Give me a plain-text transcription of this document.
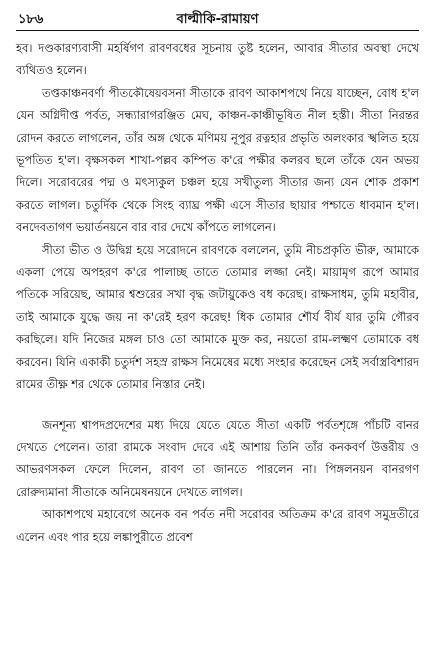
১৮৬	বাল্মীকি-রামায়ণ

হব। দণ্ডকারণ্যবাসী মহর্ষি‌গণ রাবণবধের সূচনায় তুষ্ট হলেন, আবার সীতার অবস্থা দেখে ব্যথিতও হলেন।

তপ্তকাঞ্চনবর্ণা পীতকৌষেয়বসনা সীতাকে রাবণ আকাশপথে নিয়ে যাচ্ছেন, বোধ হ'ল যেন অগ্নিদীপ্ত পর্বত, সন্ধ্যারাগরঞ্জিত মেঘ, কাঞ্চন-কাঞ্চীভূষিত নীল হস্তী। সীতা নিরন্তর রোদন করতে লাগলেন, তাঁর অঙ্গ থেকে মণিময় নূপুর রত্নহার প্রভৃতি অলংকার স্খলিত হয়ে ভূপতিত হ'ল। বৃক্ষসকল শাখা-পল্লব কম্পিত ক'রে পক্ষীর কলরব ছলে তাঁকে যেন অভয় দিলে। সরোবরের পদ্ম ও মৎস্যকুল চঞ্চল হয়ে সখীতুল্য সীতার জন্য যেন শোক প্রকাশ করতে লাগল। চতুর্দিক থেকে সিংহ ব্যাঘ্র পক্ষী এসে সীতার ছায়ার পশ্চাতে ধাবমান হ'ল। বনদেবতাগণ ভয়ার্তনয়নে বার বার দেখে কাঁপতে লাগলেন।

সীতা ভীত ও উদ্বিগ্ন হয়ে সরোদনে রাবণকে বললেন, তুমি নীচপ্রকৃতি ভীরু, আমাকে একলা পেয়ে অপহরণ ক'রে পালাচ্ছ তাতে তোমার লজ্জা নেই। মায়ামৃগ রূপে আমার পতিকে সরিয়েছ, আমার শ্বশুরের সখা বৃদ্ধ জটায়ুকেও বধ করেছ। রাক্ষসাধম, তুমি মহাবীর, তাই আমাকে যুদ্ধে জয় না ক'রেই হরণ করেছ! ধিক তোমার শৌর্য বীর্য যার তুমি গৌরব করছিলে। যদি নিজের মঙ্গল চাও তো আমাকে মুক্ত কর, নয়তো রাম-লক্ষ্মণ তোমাকে বধ করবেন। যিনি একাকী চতুর্দশ সহস্র রাক্ষস নিমেষের মধ্যে সংহার করেছেন সেই সর্বাস্ত্রবিশারদ রামের তীক্ষ্ণ শর থেকে তোমার নিস্তার নেই।

জনশূন্য শ্বাপদপ্রদেশের মধ্য দিয়ে যেতে যেতে সীতা একটি পর্বতশৃঙ্গে পাঁচটি বানর দেখতে পেলেন। তারা রামকে সংবাদ দেবে এই আশায় তিনি তাঁর কনকবর্ণ উত্তরীয় ও আভরণসকল ফেলে দিলেন, রাবণ তা জানতে পারলেন না। পিঙ্গলনয়ন বানরগণ রোরুদ্যমানা সীতাকে অনিমেষনয়নে দেখতে লাগল।

আকাশপথে মহাবেগে অনেক বন পর্বত নদী সরোবর অতিক্রম ক'রে রাবণ সমুদ্রতীরে এলেন এবং পার হয়ে লঙ্কাপুরীতে প্রবেশ
